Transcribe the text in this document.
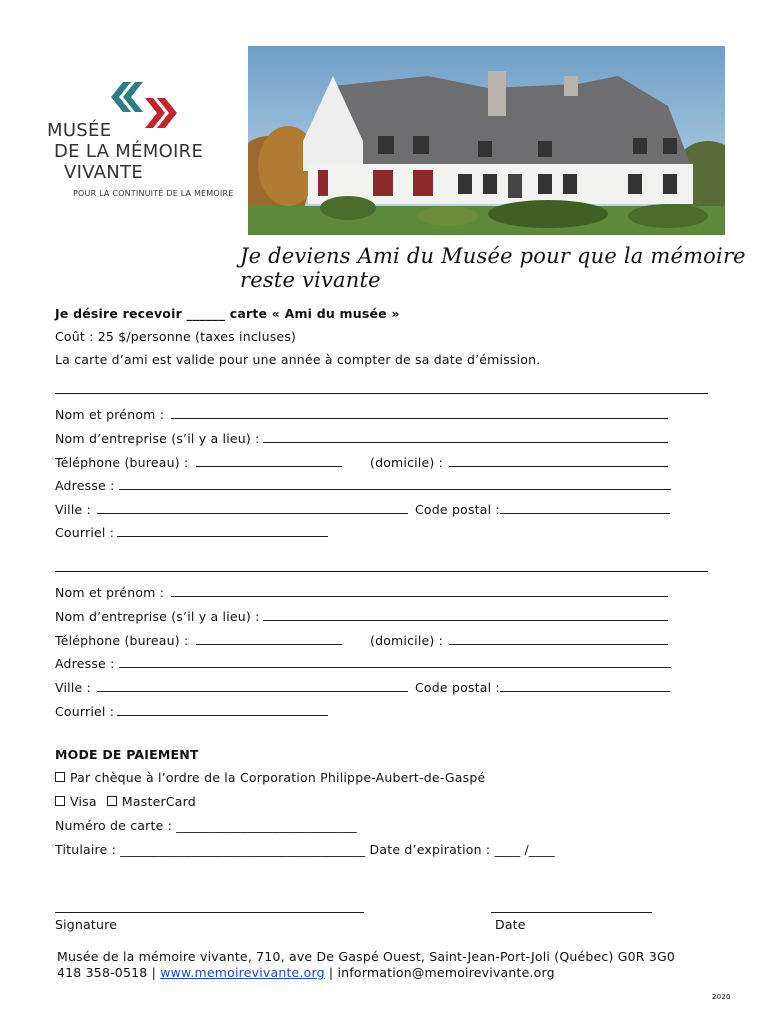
MUSÉE
DE LA MÉMOIRE
VIVANTE
POUR LA CONTINUITÉ DE LA MÉMOIRE
Je deviens Ami du Musée pour que la mémoire reste vivante
Je désire recevoir ______ carte « Ami du musée »
Coût : 25 $/personne (taxes incluses)
La carte d’ami est valide pour une année à compter de sa date d’émission.
Nom et prénom :
Nom d’entreprise (s’il y a lieu) :
Téléphone (bureau) :	(domicile) :
Adresse :
Ville :	Code postal :
Courriel :
Nom et prénom :
Nom d’entreprise (s’il y a lieu) :
Téléphone (bureau) :	(domicile) :
Adresse :
Ville :	Code postal :
Courriel :
MODE DE PAIEMENT
Par chèque à l’ordre de la Corporation Philippe-Aubert-de-Gaspé
Visa MasterCard
Numéro de carte : ____________________________
Titulaire : ______________________________________ Date d’expiration : ____ /____
Signature	Date
Musée de la mémoire vivante, 710, ave De Gaspé Ouest, Saint-Jean-Port-Joli (Québec) G0R 3G0
418 358-0518 | www.memoirevivante.org | information@memoirevivante.org
2020
